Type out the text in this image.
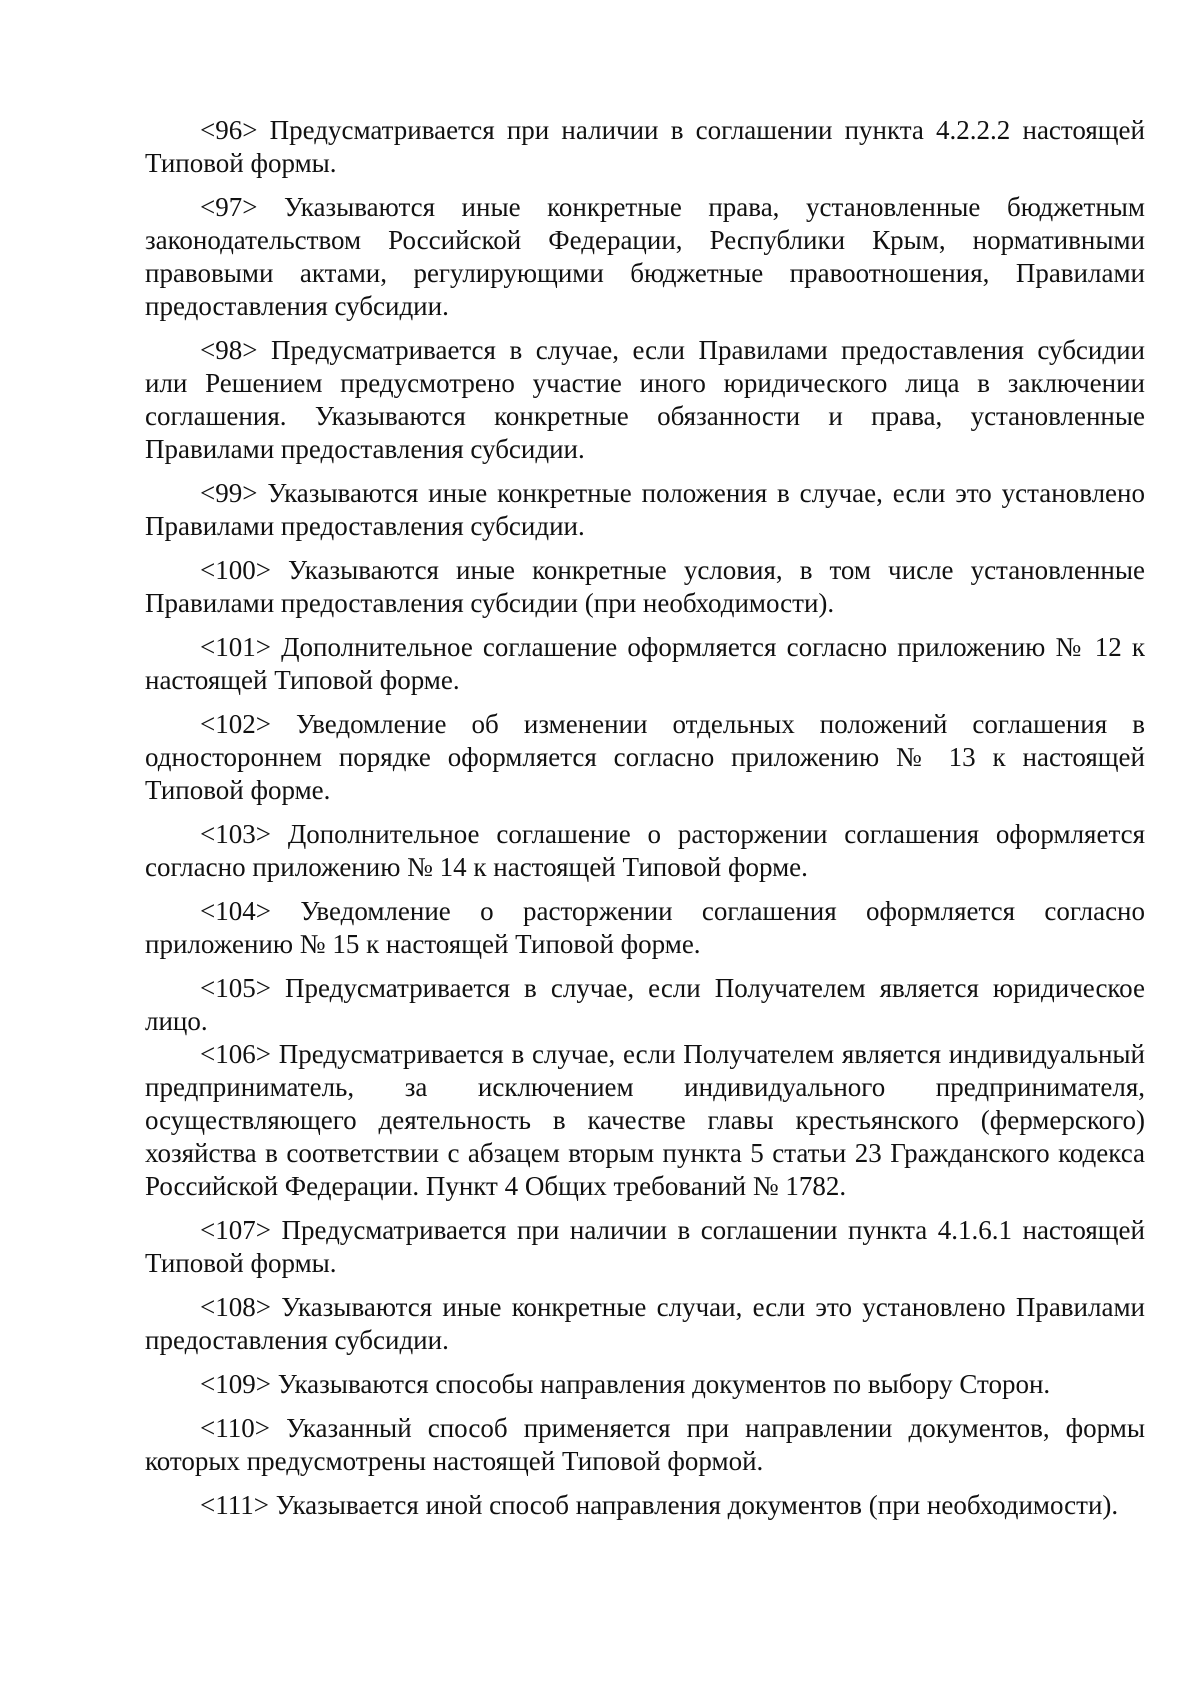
<96> Предусматривается при наличии в соглашении пункта 4.2.2.2 настоящей Типовой формы.

<97> Указываются иные конкретные права, установленные бюджетным законодательством Российской Федерации, Республики Крым, нормативными правовыми актами, регулирующими бюджетные правоотношения, Правилами предоставления субсидии.

<98> Предусматривается в случае, если Правилами предоставления субсидии или Решением предусмотрено участие иного юридического лица в заключении соглашения. Указываются конкретные обязанности и права, установленные Правилами предоставления субсидии.

<99> Указываются иные конкретные положения в случае, если это установлено Правилами предоставления субсидии.

<100> Указываются иные конкретные условия, в том числе установленные Правилами предоставления субсидии (при необходимости).

<101> Дополнительное соглашение оформляется согласно приложению № 12 к настоящей Типовой форме.

<102> Уведомление об изменении отдельных положений соглашения в одностороннем порядке оформляется согласно приложению № 13 к настоящей Типовой форме.

<103> Дополнительное соглашение о расторжении соглашения оформляется согласно приложению № 14 к настоящей Типовой форме.

<104> Уведомление о расторжении соглашения оформляется согласно приложению № 15 к настоящей Типовой форме.

<105> Предусматривается в случае, если Получателем является юридическое лицо.

<106> Предусматривается в случае, если Получателем является индивидуальный предприниматель, за исключением индивидуального предпринимателя, осуществляющего деятельность в качестве главы крестьянского (фермерского) хозяйства в соответствии с абзацем вторым пункта 5 статьи 23 Гражданского кодекса Российской Федерации. Пункт 4 Общих требований № 1782.

<107> Предусматривается при наличии в соглашении пункта 4.1.6.1 настоящей Типовой формы.

<108> Указываются иные конкретные случаи, если это установлено Правилами предоставления субсидии.

<109> Указываются способы направления документов по выбору Сторон.

<110> Указанный способ применяется при направлении документов, формы которых предусмотрены настоящей Типовой формой.

<111> Указывается иной способ направления документов (при необходимости).
